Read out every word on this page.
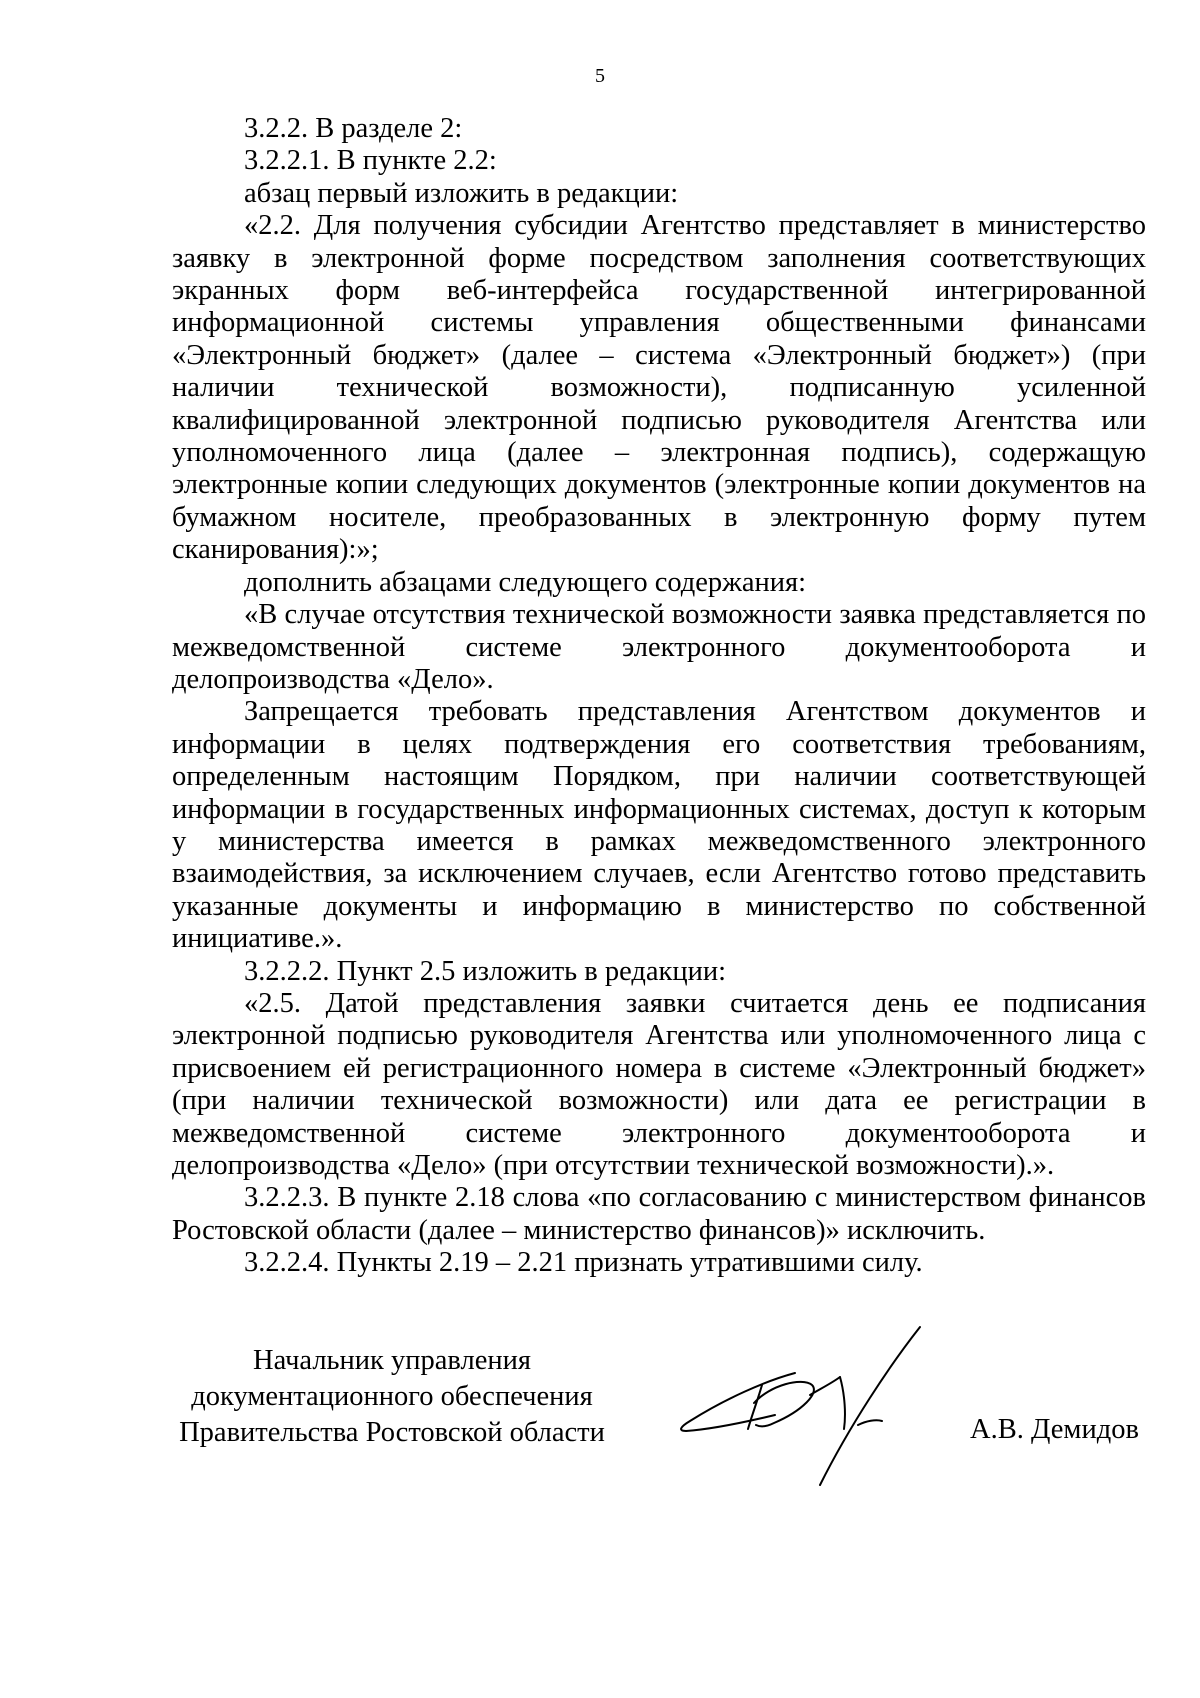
5

3.2.2. В разделе 2:

3.2.2.1. В пункте 2.2:

абзац первый изложить в редакции:

«2.2. Для получения субсидии Агентство представляет в министерство заявку в электронной форме посредством заполнения соответствующих экранных форм веб-интерфейса государственной интегрированной информационной системы управления общественными финансами «Электронный бюджет» (далее – система «Электронный бюджет») (при наличии технической возможности), подписанную усиленной квалифицированной электронной подписью руководителя Агентства или уполномоченного лица (далее – электронная подпись), содержащую электронные копии следующих документов (электронные копии документов на бумажном носителе, преобразованных в электронную форму путем сканирования):»;

дополнить абзацами следующего содержания:

«В случае отсутствия технической возможности заявка представляется по межведомственной системе электронного документооборота и делопроизводства «Дело».

Запрещается требовать представления Агентством документов и информации в целях подтверждения его соответствия требованиям, определенным настоящим Порядком, при наличии соответствующей информации в государственных информационных системах, доступ к которым у министерства имеется в рамках межведомственного электронного взаимодействия, за исключением случаев, если Агентство готово представить указанные документы и информацию в министерство по собственной инициативе.».

3.2.2.2. Пункт 2.5 изложить в редакции:

«2.5. Датой представления заявки считается день ее подписания электронной подписью руководителя Агентства или уполномоченного лица с присвоением ей регистрационного номера в системе «Электронный бюджет» (при наличии технической возможности) или дата ее регистрации в межведомственной системе электронного документооборота и делопроизводства «Дело» (при отсутствии технической возможности).».

3.2.2.3. В пункте 2.18 слова «по согласованию с министерством финансов Ростовской области (далее – министерство финансов)» исключить.

3.2.2.4. Пункты 2.19 – 2.21 признать утратившими силу.

Начальник управления
документационного обеспечения
Правительства Ростовской области	А.В. Демидов
